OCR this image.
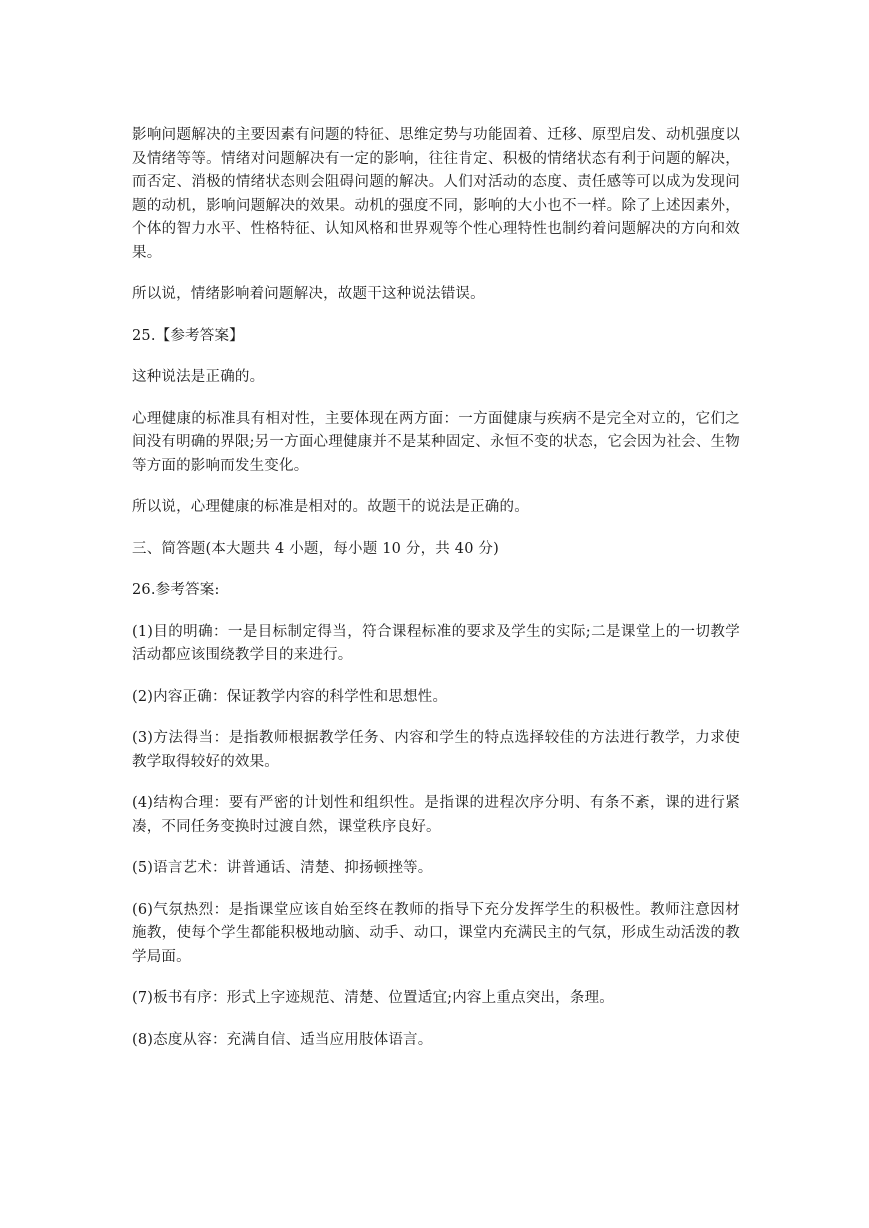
影响问题解决的主要因素有问题的特征、思维定势与功能固着、迁移、原型启发、动机强度以及情绪等等。情绪对问题解决有一定的影响，往往肯定、积极的情绪状态有利于问题的解决，而否定、消极的情绪状态则会阻碍问题的解决。人们对活动的态度、责任感等可以成为发现问题的动机，影响问题解决的效果。动机的强度不同，影响的大小也不一样。除了上述因素外，个体的智力水平、性格特征、认知风格和世界观等个性心理特性也制约着问题解决的方向和效果。

所以说，情绪影响着问题解决，故题干这种说法错误。

25.【参考答案】

这种说法是正确的。

心理健康的标准具有相对性，主要体现在两方面：一方面健康与疾病不是完全对立的，它们之间没有明确的界限;另一方面心理健康并不是某种固定、永恒不变的状态，它会因为社会、生物等方面的影响而发生变化。

所以说，心理健康的标准是相对的。故题干的说法是正确的。

三、简答题(本大题共 4 小题，每小题 10 分，共 40 分)

26.参考答案:

(1)目的明确：一是目标制定得当，符合课程标准的要求及学生的实际;二是课堂上的一切教学活动都应该围绕教学目的来进行。

(2)内容正确：保证教学内容的科学性和思想性。

(3)方法得当：是指教师根据教学任务、内容和学生的特点选择较佳的方法进行教学，力求使教学取得较好的效果。

(4)结构合理：要有严密的计划性和组织性。是指课的进程次序分明、有条不紊，课的进行紧凑，不同任务变换时过渡自然，课堂秩序良好。

(5)语言艺术：讲普通话、清楚、抑扬顿挫等。

(6)气氛热烈：是指课堂应该自始至终在教师的指导下充分发挥学生的积极性。教师注意因材施教，使每个学生都能积极地动脑、动手、动口，课堂内充满民主的气氛，形成生动活泼的教学局面。

(7)板书有序：形式上字迹规范、清楚、位置适宜;内容上重点突出，条理。

(8)态度从容：充满自信、适当应用肢体语言。
